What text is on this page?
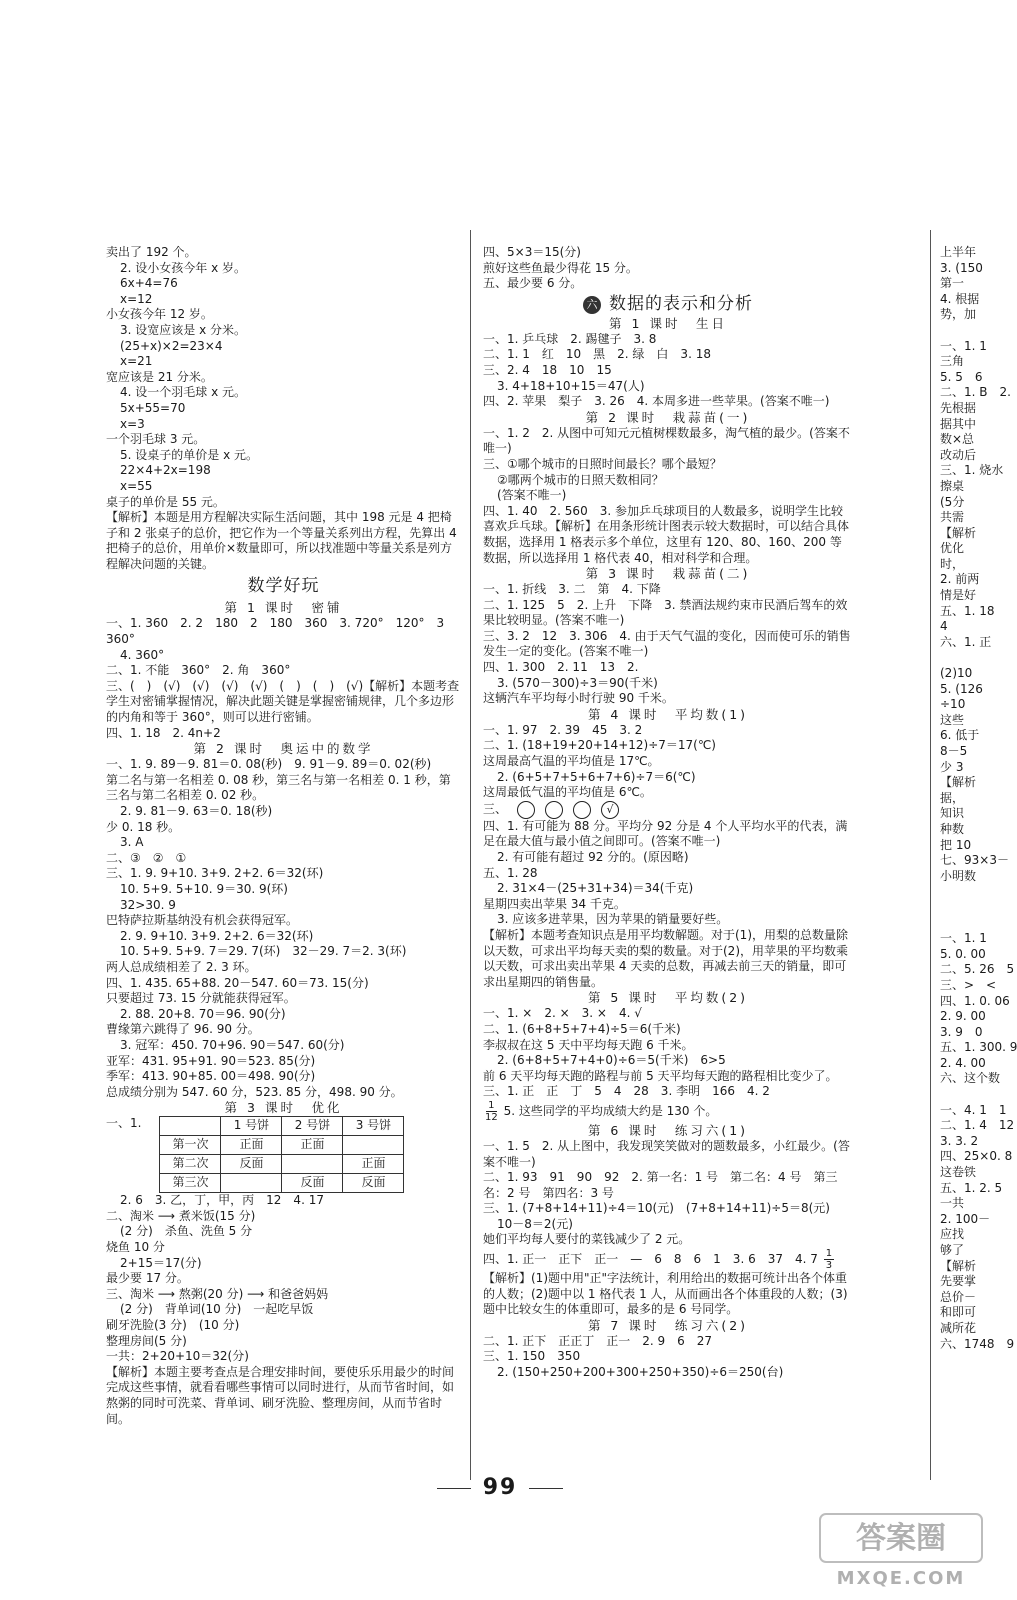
卖出了 192 个。
2. 设小女孩今年 x 岁。
6x+4=76
x=12
小女孩今年 12 岁。
3. 设宽应该是 x 分米。
(25+x)×2=23×4
x=21
宽应该是 21 分米。
4. 设一个羽毛球 x 元。
5x+55=70
x=3
一个羽毛球 3 元。
5. 设桌子的单价是 x 元。
22×4+2x=198
x=55
桌子的单价是 55 元。
【解析】本题是用方程解决实际生活问题，其中 198 元是 4 把椅子和 2 张桌子的总价，把它作为一个等量关系列出方程，先算出 4 把椅子的总价，用单价×数量即可，所以找准题中等量关系是列方程解决问题的关键。
数学好玩
第 1 课时　密铺
一、1. 360　2. 2　180　2　180　360　3. 720°　120°　3　360°
4. 360°
二、1. 不能　360°　2. 角　360°
三、(　)　(√)　(√)　(√)　(√)　(　)　(　)　(√)【解析】本题考查学生对密铺掌握情况，解决此题关键是掌握密铺规律，几个多边形的内角和等于 360°，则可以进行密铺。
四、1. 18　2. 4n+2
第 2 课时　奥运中的数学
一、1. 9. 89－9. 81＝0. 08(秒)　9. 91－9. 89＝0. 02(秒)
第二名与第一名相差 0. 08 秒，第三名与第一名相差 0. 1 秒，第三名与第二名相差 0. 02 秒。
2. 9. 81－9. 63＝0. 18(秒)
少 0. 18 秒。
3. A
二、③　②　①
三、1. 9. 9+10. 3+9. 2+2. 6＝32(环)
10. 5+9. 5+10. 9＝30. 9(环)
32>30. 9
巴特萨拉斯基纳没有机会获得冠军。
2. 9. 9+10. 3+9. 2+2. 6＝32(环)
10. 5+9. 5+9. 7＝29. 7(环)　32－29. 7＝2. 3(环)
两人总成绩相差了 2. 3 环。
四、1. 435. 65+88. 20－547. 60＝73. 15(分)
只要超过 73. 15 分就能获得冠军。
2. 88. 20+8. 70＝96. 90(分)
曹缘第六跳得了 96. 90 分。
3. 冠军：450. 70+96. 90＝547. 60(分)
亚军：431. 95+91. 90＝523. 85(分)
季军：413. 90+85. 00＝498. 90(分)
总成绩分别为 547. 60 分，523. 85 分，498. 90 分。
第 3 课时　优化
一、1.
		1 号饼	2 号饼	3 号饼
第一次	正面	正面	
第二次	反面		正面
第三次		反面	反面
2. 6　3. 乙，丁，甲，丙　12　4. 17
二、淘米 ⟶ 煮米饭(15 分)
(2 分)　杀鱼、洗鱼 5 分
烧鱼 10 分
2+15＝17(分)
最少要 17 分。
三、淘米 ⟶ 熬粥(20 分) ⟶ 和爸爸妈妈
(2 分)　背单词(10 分)　一起吃早饭
刷牙洗脸(3 分)　(10 分)
整理房间(5 分)
一共：2+20+10＝32(分)
【解析】本题主要考查点是合理安排时间，要使乐乐用最少的时间完成这些事情，就看看哪些事情可以同时进行，从而节省时间，如熬粥的同时可洗菜、背单词、刷牙洗脸、整理房间，从而节省时间。
四、5×3＝15(分)
煎好这些鱼最少得花 15 分。
五、最少要 6 分。
六 数据的表示和分析
第 1 课时　生日
一、1. 乒乓球　2. 踢毽子　3. 8
二、1. 1　红　10　黑　2. 绿　白　3. 18
三、2. 4　18　10　15
3. 4+18+10+15＝47(人)
四、2. 苹果　梨子　3. 26　4. 本周多进一些苹果。(答案不唯一)
第 2 课时　栽蒜苗(一)
一、1. 2　2. 从图中可知元元植树棵数最多，淘气植的最少。(答案不唯一)
三、①哪个城市的日照时间最长？哪个最短？
②哪两个城市的日照天数相同？
(答案不唯一)
四、1. 40　2. 560　3. 参加乒乓球项目的人数最多，说明学生比较喜欢乒乓球。【解析】在用条形统计图表示较大数据时，可以结合具体数据，选择用 1 格表示多个单位，这里有 120、80、160、200 等数据，所以选择用 1 格代表 40，相对科学和合理。
第 3 课时　栽蒜苗(二)
一、1. 折线　3. 二　第　4. 下降
二、1. 125　5　2. 上升　下降　3. 禁酒法规约束市民酒后驾车的效果比较明显。(答案不唯一)
三、3. 2　12　3. 306　4. 由于天气气温的变化，因而使可乐的销售发生一定的变化。(答案不唯一)
四、1. 300　2. 11　13　2.
3. (570－300)÷3＝90(千米)
这辆汽车平均每小时行驶 90 千米。
第 4 课时　平均数(1)
一、1. 97　2. 39　45　3. 2
二、1. (18+19+20+14+12)÷7＝17(℃)
这周最高气温的平均值是 17℃。
2. (6+5+7+5+6+7+6)÷7＝6(℃)
这周最低气温的平均值是 6℃。
三、	√
四、1. 有可能为 88 分。平均分 92 分是 4 个人平均水平的代表，满足在最大值与最小值之间即可。(答案不唯一)
2. 有可能有超过 92 分的。(原因略)
五、1. 28
2. 31×4－(25+31+34)＝34(千克)
星期四卖出苹果 34 千克。
3. 应该多进苹果，因为苹果的销量要好些。
【解析】本题考查知识点是用平均数解题。对于(1)，用梨的总数量除以天数，可求出平均每天卖的梨的数量。对于(2)，用苹果的平均数乘以天数，可求出卖出苹果 4 天卖的总数，再减去前三天的销量，即可求出星期四的销售量。
第 5 课时　平均数(2)
一、1. ×　2. ×　3. ×　4. √
二、1. (6+8+5+7+4)÷5＝6(千米)
李叔叔在这 5 天中平均每天跑 6 千米。
2. (6+8+5+7+4+0)÷6＝5(千米)　6>5
前 6 天平均每天跑的路程与前 5 天平均每天跑的路程相比变少了。
三、1. 正　正　丁　5　4　28　3. 李明　166　4. 2
$\frac{1}{12} 5$. 这些同学的平均成绩大约是 130 个。
第 6 课时　练习六(1)
一、1. 5　2. 从上图中，我发现笑笑做对的题数最多，小红最少。(答案不唯一)
二、1. 93　91　90　92　2. 第一名：1 号　第二名：4 号　第三名：2 号　第四名：3 号
三、1. (7+8+14+11)÷4＝10(元)　(7+8+14+11)÷5＝8(元)
10－8＝2(元)
她们平均每人要付的菜钱减少了 2 元。
四、1. 正一　正下　正一　—　6　8　6　1　3. 6　37　4. $7 \frac{1}{3}$
【解析】(1)题中用"正"字法统计，利用给出的数据可统计出各个体重的人数；(2)题中以 1 格代表 1 人，从而画出各个体重段的人数；(3)题中比较女生的体重即可，最多的是 6 号同学。
第 7 课时　练习六(2)
二、1. 正下　正正丁　正一　2. 9　6　27
三、1. 150　350
2. (150+250+200+300+250+350)÷6＝250(台)
上半年
3. (150
第一
4. 根据
势，加
一、1. 1
三角
5. 5　6
二、1. B　2.
先根据
据其中
数×总
改动后
三、1. 烧水
擦桌
(5分
共需
【解析
优化
时，
2. 前两
情是好
五、1. 18
4
六、1. 正
(2)10
5. (126
÷10
这些
6. 低于
8－5
少 3
【解析
据，
知识
种数
把 10
七、93×3－
小明数
一、1. 1
5. 0. 00
二、5. 26　5
三、>　<
四、1. 0. 06
2. 9. 00
3. 9　0
五、1. 300. 9
2. 4. 00
六、这个数
一、4. 1　1
二、1. 4　12
3. 3. 2
四、25×0. 8
这卷铁
五、1. 2. 5
一共
2. 100－
应找
够了
【解析
先要掌
总价－
和即可
减所花
六、1748　9
99
答案圈
MXQE.COM
